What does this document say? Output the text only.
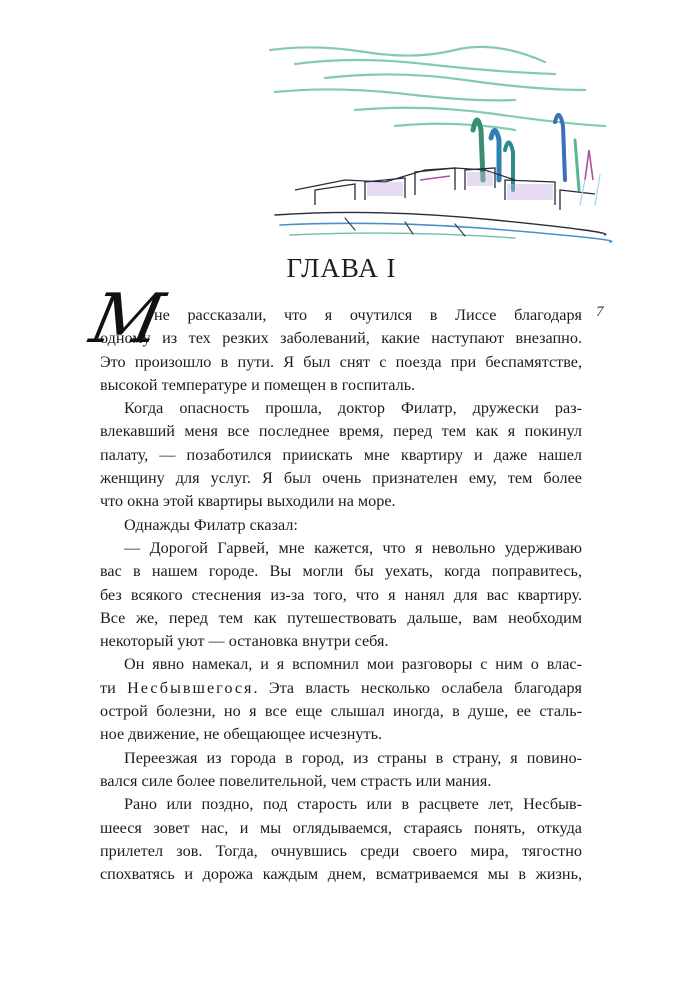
ГЛАВА I
7
М
не рассказали, что я очутился в Лиссе благодаря
одному из тех резких заболеваний, какие наступают внезапно.
Это произошло в пути. Я был снят с поезда при беспамятстве,
высокой температуре и помещен в госпиталь.
Когда опасность прошла, доктор Филатр, дружески раз-
влекавший меня все последнее время, перед тем как я покинул
палату, — позаботился приискать мне квартиру и даже нашел
женщину для услуг. Я был очень признателен ему, тем более
что окна этой квартиры выходили на море.
Однажды Филатр сказал:
— Дорогой Гарвей, мне кажется, что я невольно удерживаю
вас в нашем городе. Вы могли бы уехать, когда поправитесь,
без всякого стеснения из-за того, что я нанял для вас квартиру.
Все же, перед тем как путешествовать дальше, вам необходим
некоторый уют — остановка внутри себя.
Он явно намекал, и я вспомнил мои разговоры с ним о влас-
ти Несбывшегося. Эта власть несколько ослабела благодаря
острой болезни, но я все еще слышал иногда, в душе, ее сталь-
ное движение, не обещающее исчезнуть.
Переезжая из города в город, из страны в страну, я повино-
вался силе более повелительной, чем страсть или мания.
Рано или поздно, под старость или в расцвете лет, Несбыв-
шееся зовет нас, и мы оглядываемся, стараясь понять, откуда
прилетел зов. Тогда, очнувшись среди своего мира, тягостно
спохватясь и дорожа каждым днем, всматриваемся мы в жизнь,
